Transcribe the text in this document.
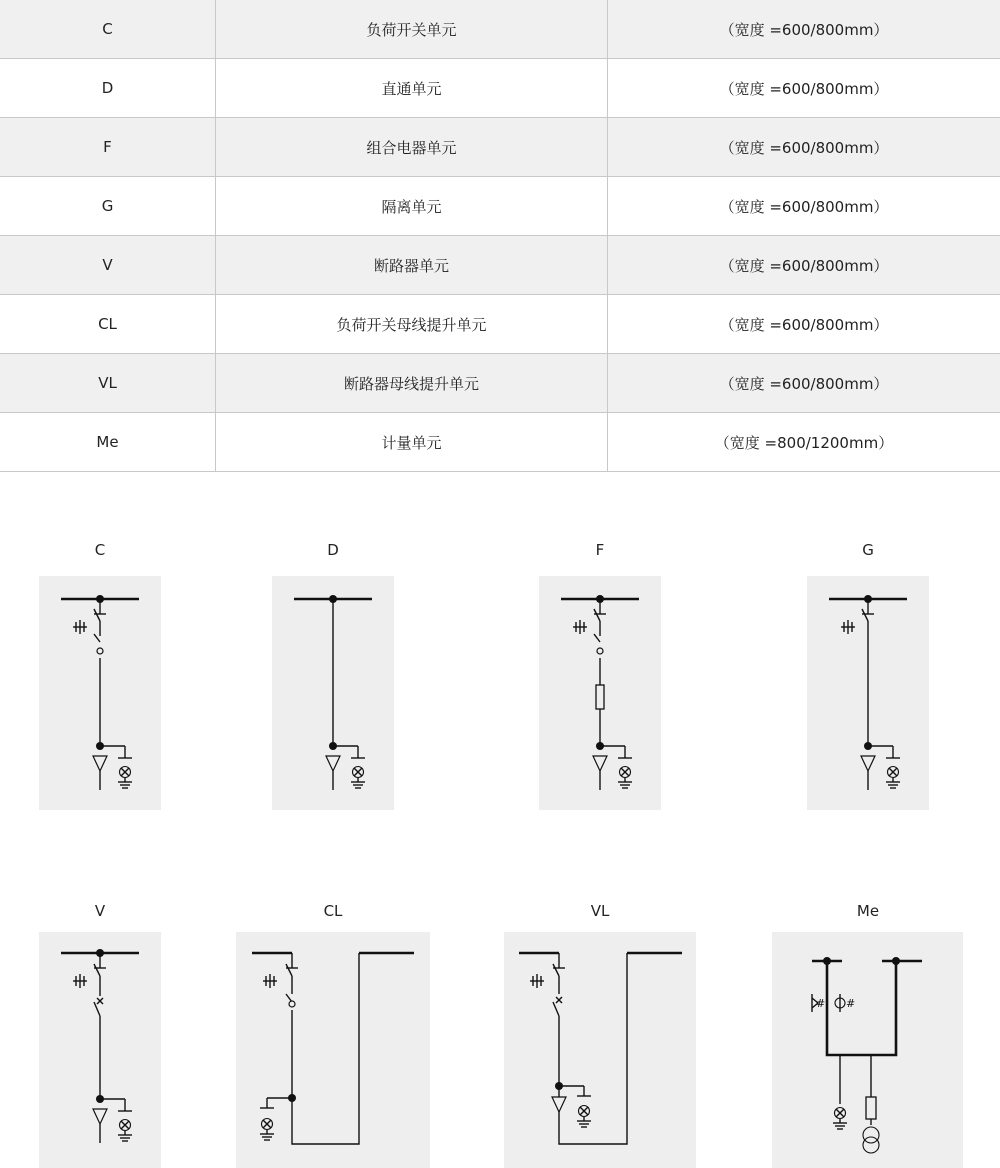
C	负荷开关单元	（宽度 =600/800mm）
D	直通单元	（宽度 =600/800mm）
F	组合电器单元	（宽度 =600/800mm）
G	隔离单元	（宽度 =600/800mm）
V	断路器单元	（宽度 =600/800mm）
CL	负荷开关母线提升单元	（宽度 =600/800mm）
VL	断路器母线提升单元	（宽度 =600/800mm）
Me	计量单元	（宽度 =800/1200mm）
C	D	F	G
V	CL	VL	Me
# #
